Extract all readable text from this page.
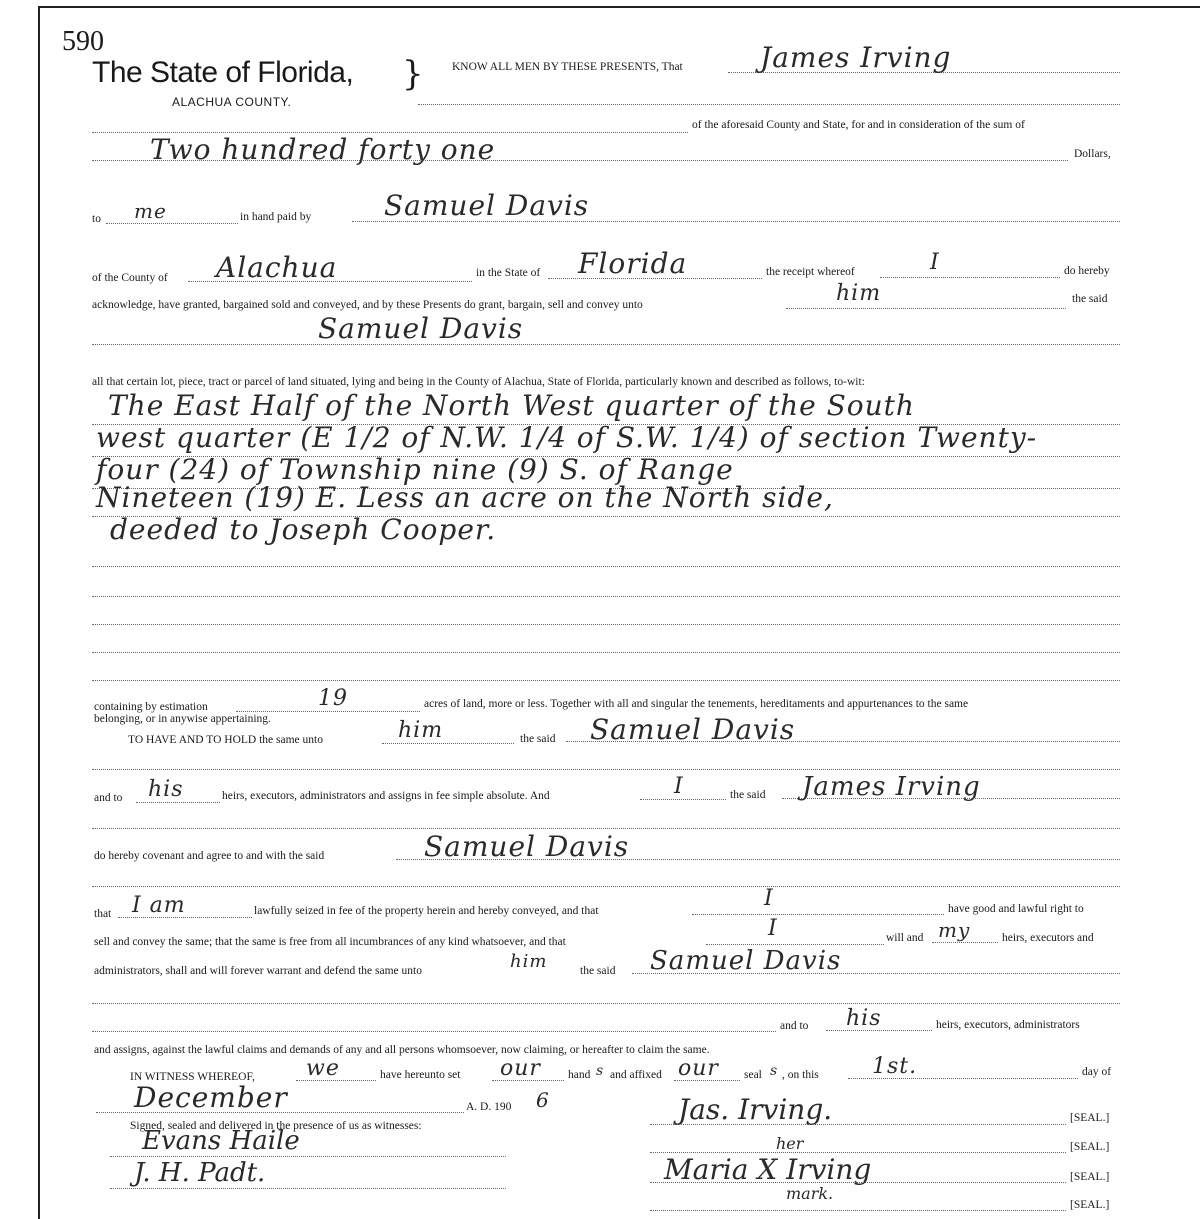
590
The State of Florida, }
ALACHUA COUNTY.
KNOW ALL MEN BY THESE PRESENTS, That	James Irving
of the aforesaid County and State, for and in consideration of the sum of
Two hundred forty one	Dollars,
to me	in hand paid by	Samuel Davis
of the County of Alachua	in the State of Florida	the receipt whereof	I	do hereby
acknowledge, have granted, bargained sold and conveyed, and by these Presents do grant, bargain, sell and convey unto	him	the said
Samuel Davis
all that certain lot, piece, tract or parcel of land situated, lying and being in the County of Alachua, State of Florida, particularly known and described as follows, to-wit:
The East Half of the North West quarter of the South
west quarter (E 1/2 of N.W. 1/4 of S.W. 1/4) of section Twenty-
four (24) of Township nine (9) S. of Range
Nineteen (19) E. Less an acre on the North side,
deeded to Joseph Cooper.
containing by estimation	19	acres of land, more or less. Together with all and singular the tenements, hereditaments and appurtenances to the same
belonging, or in anywise appertaining.
TO HAVE AND TO HOLD the same unto	him	the said Samuel Davis
and to his	heirs, executors, administrators and assigns in fee simple absolute. And	I	the said James Irving
do hereby covenant and agree to and with the said	Samuel Davis
that I am	lawfully seized in fee of the property herein and hereby conveyed, and that	I	have good and lawful right to
sell and convey the same; that the same is free from all incumbrances of any kind whatsoever, and that
I	will and my	heirs, executors and
administrators, shall and will forever warrant and defend the same unto	him	the said Samuel Davis
and to his	heirs, executors, administrators
and assigns, against the lawful claims and demands of any and all persons whomsoever, now claiming, or hereafter to claim the same.
IN WITNESS WHEREOF, we	have hereunto set our hand s and affixed our seal s , on this 1st.	day of
December	A. D. 190 6
Signed, sealed and delivered in the presence of us as witnesses:
Evans Haile
J. H. Padt.
Jas. Irving.	[SEAL.]
her	[SEAL.]
Maria X Irving	[SEAL.]
mark.
[SEAL.]
